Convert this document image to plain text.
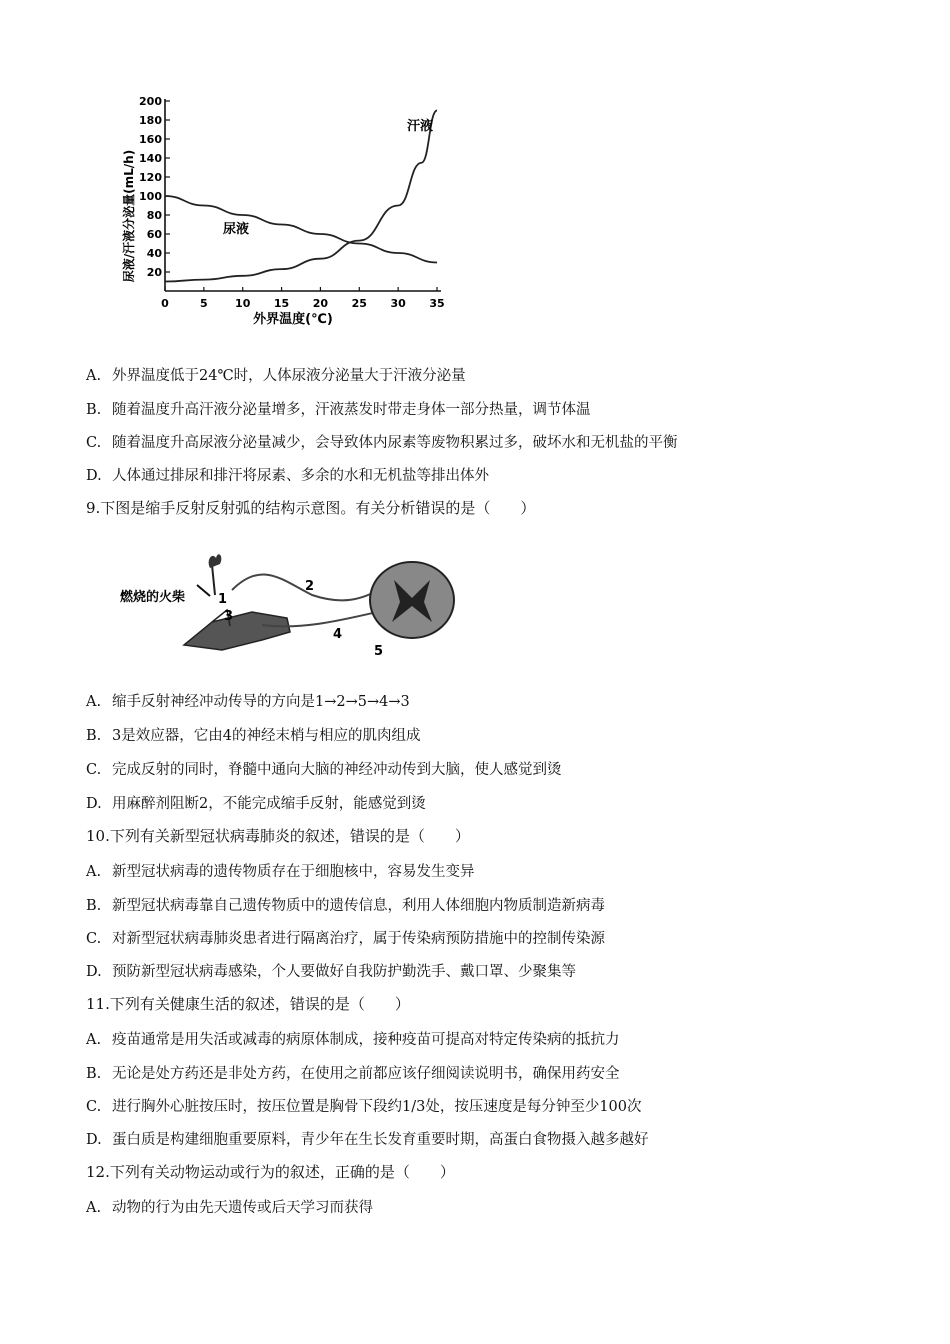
20
40
60
80
100
120
140
160
180
200
0	5 10 15 20 25 30 35
尿液/汗液分泌量(mL/h)
外界温度(℃)
汗液
尿液
A. 外界温度低于24℃时，人体尿液分泌量大于汗液分泌量
B. 随着温度升高汗液分泌量增多，汗液蒸发时带走身体一部分热量，调节体温
C. 随着温度升高尿液分泌量减少，会导致体内尿素等废物积累过多，破坏水和无机盐的平衡
D. 人体通过排尿和排汗将尿素、多余的水和无机盐等排出体外
9.下图是缩手反射反射弧的结构示意图。有关分析错误的是（　　）
燃烧的火柴	1
2
3
4
5
A. 缩手反射神经冲动传导的方向是1→2→5→4→3
B. 3是效应器，它由4的神经末梢与相应的肌肉组成
C. 完成反射的同时，脊髓中通向大脑的神经冲动传到大脑，使人感觉到烫
D. 用麻醉剂阻断2，不能完成缩手反射，能感觉到烫
10.下列有关新型冠状病毒肺炎的叙述，错误的是（　　）
A. 新型冠状病毒的遗传物质存在于细胞核中，容易发生变异
B. 新型冠状病毒靠自己遗传物质中的遗传信息，利用人体细胞内物质制造新病毒
C. 对新型冠状病毒肺炎患者进行隔离治疗，属于传染病预防措施中的控制传染源
D. 预防新型冠状病毒感染，个人要做好自我防护勤洗手、戴口罩、少聚集等
11.下列有关健康生活的叙述，错误的是（　　）
A. 疫苗通常是用失活或减毒的病原体制成，接种疫苗可提高对特定传染病的抵抗力
B. 无论是处方药还是非处方药，在使用之前都应该仔细阅读说明书，确保用药安全
C. 进行胸外心脏按压时，按压位置是胸骨下段约1/3处，按压速度是每分钟至少100次
D. 蛋白质是构建细胞重要原料，青少年在生长发育重要时期，高蛋白食物摄入越多越好
12.下列有关动物运动或行为的叙述，正确的是（　　）
A. 动物的行为由先天遗传或后天学习而获得
